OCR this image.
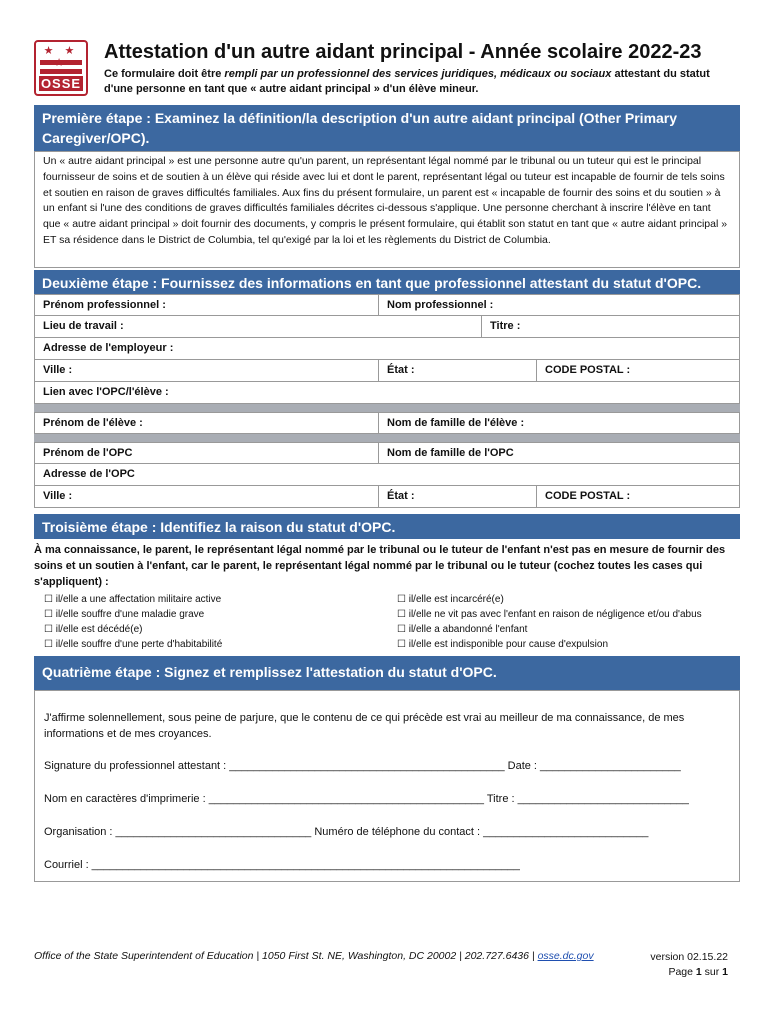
★ ★
OSSE
Attestation d'un autre aidant principal - Année scolaire 2022-23
Ce formulaire doit être rempli par un professionnel des services juridiques, médicaux ou sociaux attestant du statut d'une personne en tant que « autre aidant principal » d'un élève mineur.
Première étape : Examinez la définition/la description d'un autre aidant principal (Other Primary Caregiver/OPC).
Un « autre aidant principal » est une personne autre qu'un parent, un représentant légal nommé par le tribunal ou un tuteur qui est le principal fournisseur de soins et de soutien à un élève qui réside avec lui et dont le parent, représentant légal ou tuteur est incapable de fournir de tels soins et soutien en raison de graves difficultés familiales. Aux fins du présent formulaire, un parent est « incapable de fournir des soins et du soutien » à un enfant si l'une des conditions de graves difficultés familiales décrites ci-dessous s'applique. Une personne cherchant à inscrire l'élève en tant que « autre aidant principal » doit fournir des documents, y compris le présent formulaire, qui établit son statut en tant que « autre aidant principal » ET sa résidence dans le District de Columbia, tel qu'exigé par la loi et les règlements du District de Columbia.
Deuxième étape : Fournissez des informations en tant que professionnel attestant du statut d'OPC.
Prénom professionnel :	Nom professionnel :
Lieu de travail :	Titre :
Adresse de l'employeur :
Ville :	État :	CODE POSTAL :
Lien avec l'OPC/l'élève :
Prénom de l'élève :	Nom de famille de l'élève :
Prénom de l'OPC	Nom de famille de l'OPC
Adresse de l'OPC
Ville :	État :	CODE POSTAL :
Troisième étape : Identifiez la raison du statut d'OPC.
À ma connaissance, le parent, le représentant légal nommé par le tribunal ou le tuteur de l'enfant n'est pas en mesure de fournir des soins et un soutien à l'enfant, car le parent, le représentant légal nommé par le tribunal ou le tuteur (cochez toutes les cases qui s'appliquent) :
☐ il/elle a une affectation militaire active
☐ il/elle souffre d'une maladie grave
☐ il/elle est décédé(e)
☐ il/elle souffre d'une perte d'habitabilité
☐ il/elle est incarcéré(e)
☐ il/elle ne vit pas avec l'enfant en raison de négligence et/ou d'abus
☐ il/elle a abandonné l'enfant
☐ il/elle est indisponible pour cause d'expulsion
Quatrième étape : Signez et remplissez l'attestation du statut d'OPC.
J'affirme solennellement, sous peine de parjure, que le contenu de ce qui précède est vrai au meilleur de ma connaissance, de mes informations et de mes croyances.
Signature du professionnel attestant : _____________________________________________ Date : _______________________
Nom en caractères d'imprimerie : _____________________________________________ Titre : ____________________________
Organisation : ________________________________ Numéro de téléphone du contact : ___________________________
Courriel : ______________________________________________________________________
Office of the State Superintendent of Education | 1050 First St. NE, Washington, DC 20002 | 202.727.6436 | osse.dc.gov	version 02.15.22
Page 1 sur 1
